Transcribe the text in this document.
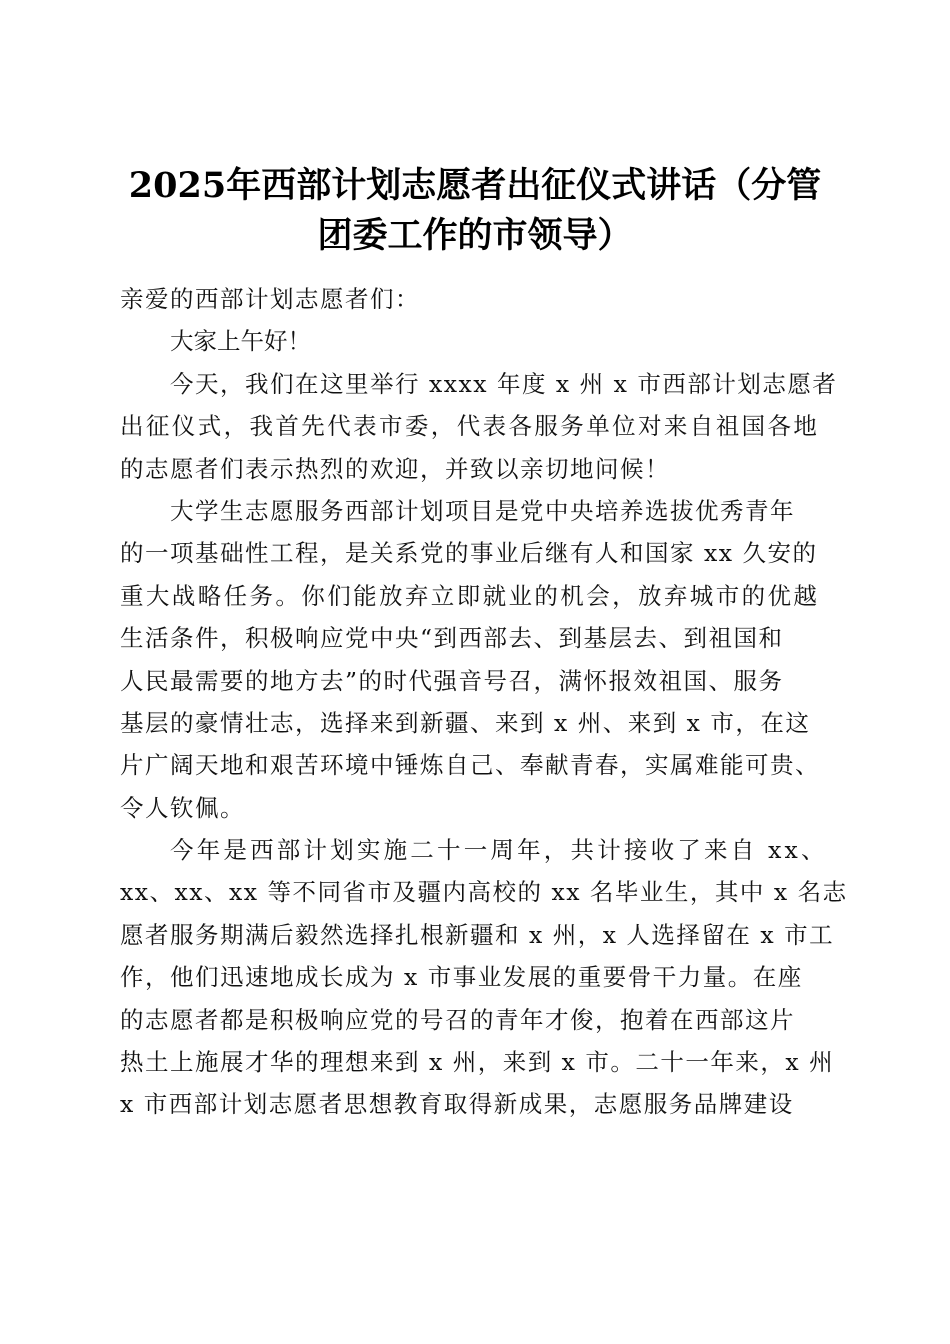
2025年西部计划志愿者出征仪式讲话（分管
团委工作的市领导）
亲爱的西部计划志愿者们：
大家上午好！
今天，我们在这里举行 xxxx 年度 x 州 x 市西部计划志愿者
出征仪式，我首先代表市委，代表各服务单位对来自祖国各地
的志愿者们表示热烈的欢迎，并致以亲切地问候！
大学生志愿服务西部计划项目是党中央培养选拔优秀青年
的一项基础性工程，是关系党的事业后继有人和国家 xx 久安的
重大战略任务。你们能放弃立即就业的机会，放弃城市的优越
生活条件，积极响应党中央“到西部去、到基层去、到祖国和
人民最需要的地方去”的时代强音号召，满怀报效祖国、服务
基层的豪情壮志，选择来到新疆、来到 x 州、来到 x 市，在这
片广阔天地和艰苦环境中锤炼自己、奉献青春，实属难能可贵、
令人钦佩。
今年是西部计划实施二十一周年，共计接收了来自 xx、
xx、xx、xx 等不同省市及疆内高校的 xx 名毕业生，其中 x 名志
愿者服务期满后毅然选择扎根新疆和 x 州，x 人选择留在 x 市工
作，他们迅速地成长成为 x 市事业发展的重要骨干力量。在座
的志愿者都是积极响应党的号召的青年才俊，抱着在西部这片
热土上施展才华的理想来到 x 州，来到 x 市。二十一年来，x 州
x 市西部计划志愿者思想教育取得新成果，志愿服务品牌建设
